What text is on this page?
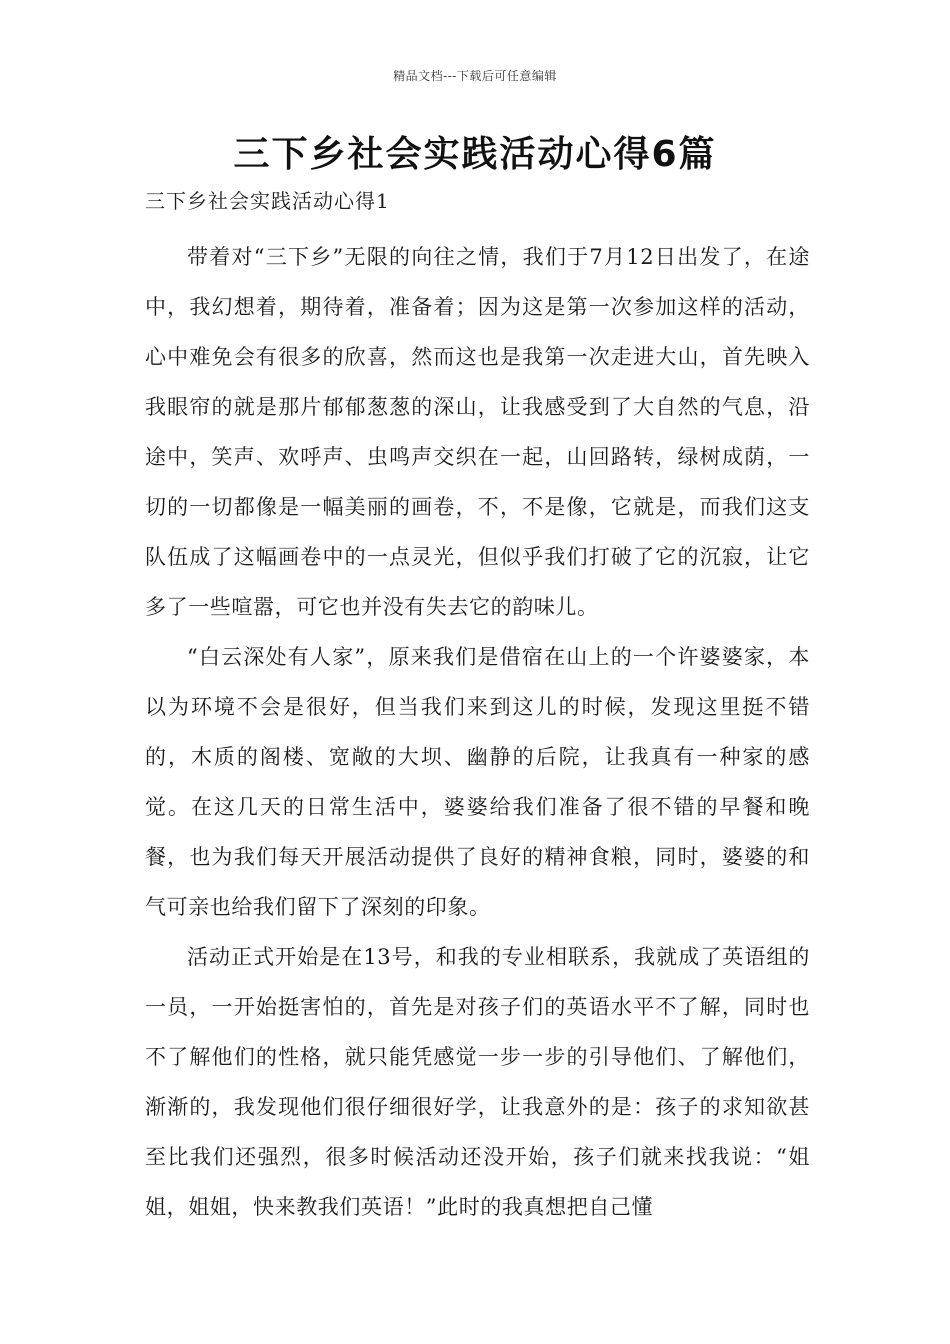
精品文档---下载后可任意编辑
三下乡社会实践活动心得6篇
三下乡社会实践活动心得1

带着对“三下乡”无限的向往之情，我们于7月12日出发了，在途中，我幻想着，期待着，准备着；因为这是第一次参加这样的活动，心中难免会有很多的欣喜，然而这也是我第一次走进大山，首先映入我眼帘的就是那片郁郁葱葱的深山，让我感受到了大自然的气息，沿途中，笑声、欢呼声、虫鸣声交织在一起，山回路转，绿树成荫，一切的一切都像是一幅美丽的画卷，不，不是像，它就是，而我们这支队伍成了这幅画卷中的一点灵光，但似乎我们打破了它的沉寂，让它多了一些喧嚣，可它也并没有失去它的韵味儿。

“白云深处有人家”，原来我们是借宿在山上的一个许婆婆家，本以为环境不会是很好，但当我们来到这儿的时候，发现这里挺不错的，木质的阁楼、宽敞的大坝、幽静的后院，让我真有一种家的感觉。在这几天的日常生活中，婆婆给我们准备了很不错的早餐和晚餐，也为我们每天开展活动提供了良好的精神食粮，同时，婆婆的和气可亲也给我们留下了深刻的印象。

活动正式开始是在13号，和我的专业相联系，我就成了英语组的一员，一开始挺害怕的，首先是对孩子们的英语水平不了解，同时也不了解他们的性格，就只能凭感觉一步一步的引导他们、了解他们，渐渐的，我发现他们很仔细很好学，让我意外的是：孩子的求知欲甚至比我们还强烈，很多时候活动还没开始，孩子们就来找我说：“姐姐，姐姐，快来教我们英语！”此时的我真想把自己懂
